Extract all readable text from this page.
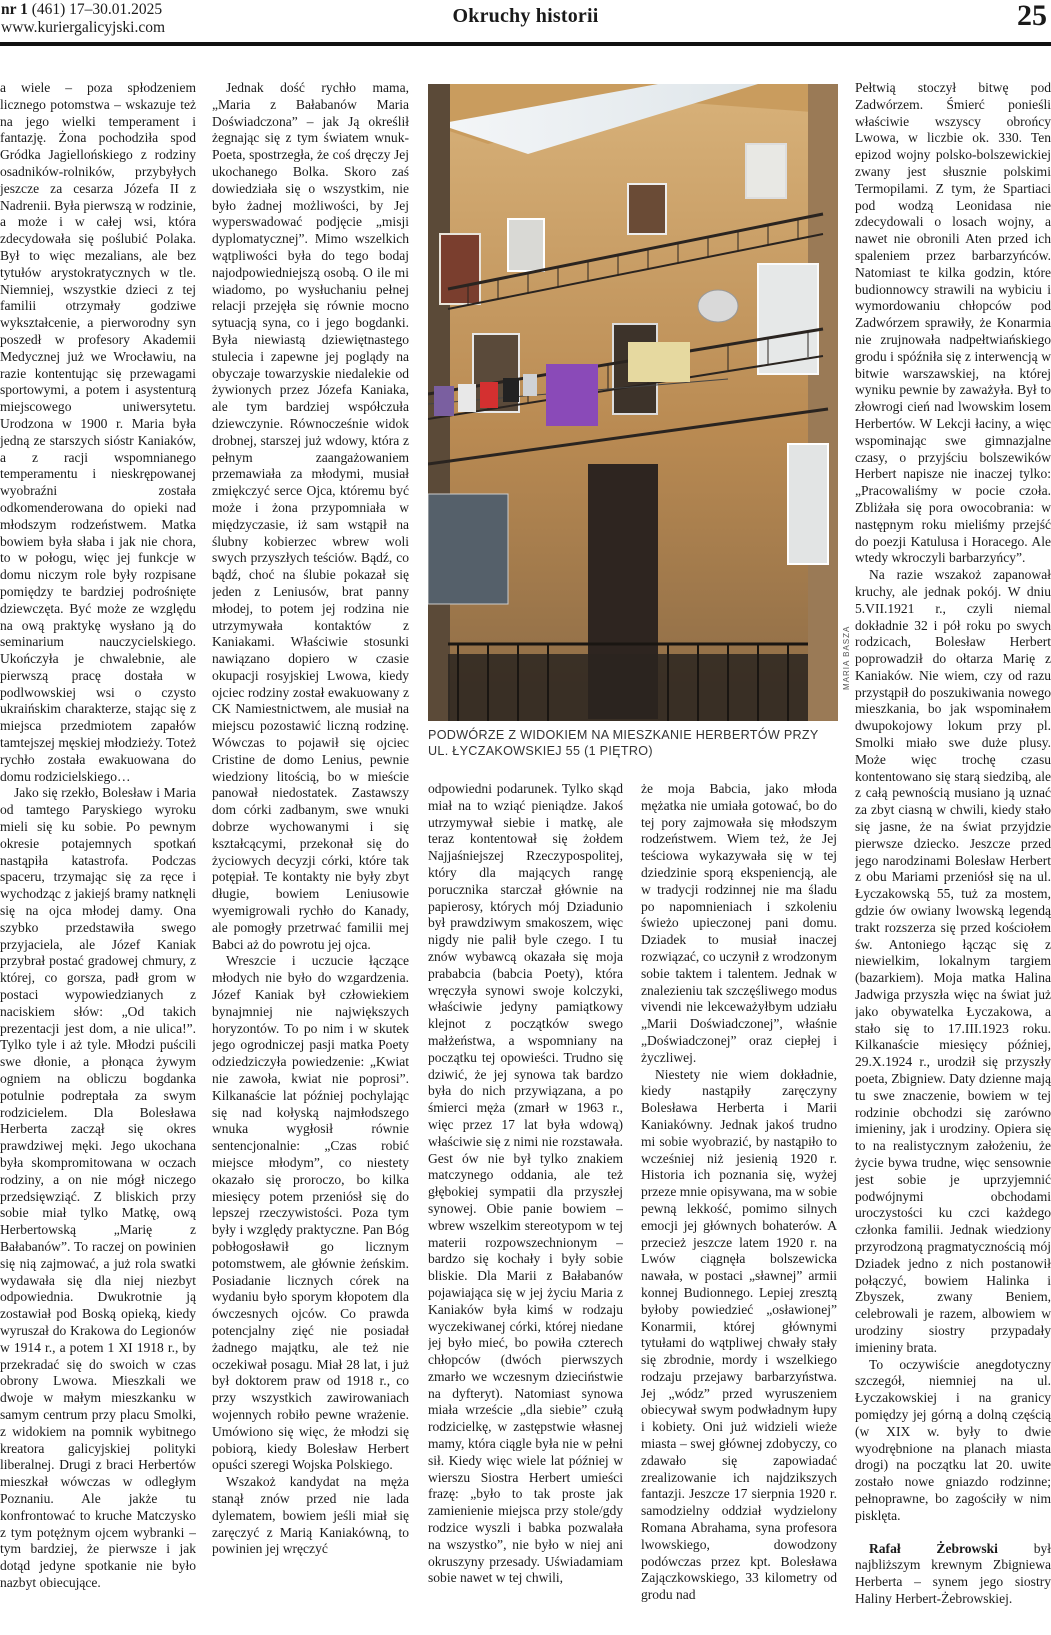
nr 1 (461) 17–30.01.2025
www.kuriergalicyjski.com
Okruchy historii	25

a wiele – poza spłodzeniem licznego potomstwa – wskazuje też na jego wielki temperament i fantazję. Żona pochodziła spod Gródka Jagiellońskiego z rodziny osadników-rolników, przybyłych jeszcze za cesarza Józefa II z Nadrenii. Była pierwszą w rodzinie, a może i w całej wsi, która zdecydowała się poślubić Polaka. Był to więc mezalians, ale bez tytułów arystokratycznych w tle. Niemniej, wszystkie dzieci z tej familii otrzymały godziwe wykształcenie, a pierworodny syn poszedł w profesory Akademii Medycznej już we Wrocławiu, na razie kontentując się przewagami sportowymi, a potem i asystenturą miejscowego uniwersytetu. Urodzona w 1900 r. Maria była jedną ze starszych sióstr Kaniaków, a z racji wspomnianego temperamentu i nieskrępowanej wyobraźni została odkomenderowana do opieki nad młodszym rodzeństwem. Matka bowiem była słaba i jak nie chora, to w połogu, więc jej funkcje w domu niczym role były rozpisane pomiędzy te bardziej podrośnięte dziewczęta. Być może ze względu na ową praktykę wysłano ją do seminarium nauczycielskiego. Ukończyła je chwalebnie, ale pierwszą pracę dostała w podlwowskiej wsi o czysto ukraińskim charakterze, stając się z miejsca przedmiotem zapałów tamtejszej męskiej młodzieży. Toteż rychło została ewakuowana do domu rodzicielskiego…

Jako się rzekło, Bolesław i Maria od tamtego Paryskiego wyroku mieli się ku sobie. Po pewnym okresie potajemnych spotkań nastąpiła katastrofa. Podczas spaceru, trzymając się za ręce i wychodząc z jakiejś bramy natknęli się na ojca młodej damy. Ona szybko przedstawiła swego przyjaciela, ale Józef Kaniak przybrał postać gradowej chmury, z której, co gorsza, padł grom w postaci wypowiedzianych z naciskiem słów: „Od takich prezentacji jest dom, a nie ulica!”. Tylko tyle i aż tyle. Młodzi puścili swe dłonie, a płonąca żywym ogniem na obliczu bogdanka potulnie podreptała za swym rodzicielem. Dla Bolesława Herberta zaczął się okres prawdziwej męki. Jego ukochana była skompromitowana w oczach rodziny, a on nie mógł niczego przedsięwziąć. Z bliskich przy sobie miał tylko Matkę, ową Herbertowską „Marię z Bałabanów”. To raczej on powinien się nią zajmować, a już rola swatki wydawała się dla niej niezbyt odpowiednia. Dwukrotnie ją zostawiał pod Boską opieką, kiedy wyruszał do Krakowa do Legionów w 1914 r., a potem 1 XI 1918 r., by przekradać się do swoich w czas obrony Lwowa. Mieszkali we dwoje w małym mieszkanku w samym centrum przy placu Smolki, z widokiem na pomnik wybitnego kreatora galicyjskiej polityki liberalnej. Drugi z braci Herbertów mieszkał wówczas w odległym Poznaniu. Ale jakże tu konfrontować to kruche Matczysko z tym potężnym ojcem wybranki – tym bardziej, że pierwsze i jak dotąd jedyne spotkanie nie było nazbyt obiecujące.

Jednak dość rychło mama, „Maria z Bałabanów Maria Doświadczona” – jak Ją określił żegnając się z tym światem wnuk-Poeta, spostrzegła, że coś dręczy Jej ukochanego Bolka. Skoro zaś dowiedziała się o wszystkim, nie było żadnej możliwości, by Jej wyperswadować podjęcie „misji dyplomatycznej”. Mimo wszelkich wątpliwości była do tego bodaj najodpowiedniejszą osobą. O ile mi wiadomo, po wysłuchaniu pełnej relacji przejęła się równie mocno sytuacją syna, co i jego bogdanki. Była niewiastą dziewiętnastego stulecia i zapewne jej poglądy na obyczaje towarzyskie niedalekie od żywionych przez Józefa Kaniaka, ale tym bardziej współczuła dziewczynie. Równocześnie widok drobnej, starszej już wdowy, która z pełnym zaangażowaniem przemawiała za młodymi, musiał zmiękczyć serce Ojca, któremu być może i żona przypomniała w międzyczasie, iż sam wstąpił na ślubny kobierzec wbrew woli swych przyszłych teściów. Bądź, co bądź, choć na ślubie pokazał się jeden z Leniusów, brat panny młodej, to potem jej rodzina nie utrzymywała kontaktów z Kaniakami. Właściwie stosunki nawiązano dopiero w czasie okupacji rosyjskiej Lwowa, kiedy ojciec rodziny został ewakuowany z CK Namiestnictwem, ale musiał na miejscu pozostawić liczną rodzinę. Wówczas to pojawił się ojciec Cristine de domo Lenius, pewnie wiedziony litością, bo w mieście panował niedostatek. Zastawszy dom córki zadbanym, swe wnuki dobrze wychowanymi i się kształcącymi, przekonał się do życiowych decyzji córki, które tak potępiał. Te kontakty nie były zbyt długie, bowiem Leniusowie wyemigrowali rychło do Kanady, ale pomogły przetrwać familii mej Babci aż do powrotu jej ojca.

Wreszcie i uczucie łączące młodych nie było do wzgardzenia. Józef Kaniak był człowiekiem bynajmniej nie największych horyzontów. To po nim i w skutek jego ogrodniczej pasji matka Poety odziedziczyła powiedzenie: „Kwiat nie zawoła, kwiat nie poprosi”. Kilkanaście lat później pochylając się nad kołyską najmłodszego wnuka wygłosił równie sentencjonalnie: „Czas robić miejsce młodym”, co niestety okazało się proroczo, bo kilka miesięcy potem przeniósł się do lepszej rzeczywistości. Poza tym były i względy praktyczne. Pan Bóg pobłogosławił go licznym potomstwem, ale głównie żeńskim. Posiadanie licznych córek na wydaniu było sporym kłopotem dla ówczesnych ojców. Co prawda potencjalny zięć nie posiadał żadnego majątku, ale też nie oczekiwał posagu. Miał 28 lat, i już był doktorem praw od 1918 r., co przy wszystkich zawirowaniach wojennych robiło pewne wrażenie. Umówiono się więc, że młodzi się pobiorą, kiedy Bolesław Herbert opuści szeregi Wojska Polskiego.

Wszakoż kandydat na męża stanął znów przed nie lada dylematem, bowiem jeśli miał się zaręczyć z Marią Kaniakówną, to powinien jej wręczyć

MARIA BASZA
PODWÓRZE Z WIDOKIEM NA MIESZKANIE HERBERTÓW PRZY UL. ŁYCZAKOWSKIEJ 55 (1 PIĘTRO)

odpowiedni podarunek. Tylko skąd miał na to wziąć pieniądze. Jakoś utrzymywał siebie i matkę, ale teraz kontentował się żołdem Najjaśniejszej Rzeczypospolitej, który dla mających rangę porucznika starczał głównie na papierosy, których mój Dziadunio był prawdziwym smakoszem, więc nigdy nie palił byle czego. I tu znów wybawcą okazała się moja prababcia (babcia Poety), która wręczyła synowi swoje kolczyki, właściwie jedyny pamiątkowy klejnot z początków swego małżeństwa, a wspomniany na początku tej opowieści. Trudno się dziwić, że jej synowa tak bardzo była do nich przywiązana, a po śmierci męża (zmarł w 1963 r., więc przez 17 lat była wdową) właściwie się z nimi nie rozstawała. Gest ów nie był tylko znakiem matczynego oddania, ale też głębokiej sympatii dla przyszłej synowej. Obie panie bowiem – wbrew wszelkim stereotypom w tej materii rozpowszechnionym – bardzo się kochały i były sobie bliskie. Dla Marii z Bałabanów pojawiająca się w jej życiu Maria z Kaniaków była kimś w rodzaju wyczekiwanej córki, której niedane jej było mieć, bo powiła czterech chłopców (dwóch pierwszych zmarło we wczesnym dzieciństwie na dyfteryt). Natomiast synowa miała wrzeście „dla siebie” czułą rodzicielkę, w zastępstwie własnej mamy, która ciągle była nie w pełni sił. Kiedy więc wiele lat później w wierszu Siostra Herbert umieści frazę: „było to tak proste jak zamienienie miejsca przy stole/gdy rodzice wyszli i babka pozwalała na wszystko”, nie było w niej ani okruszyny przesady. Uświadamiam sobie nawet w tej chwili,

że moja Babcia, jako młoda mężatka nie umiała gotować, bo do tej pory zajmowała się młodszym rodzeństwem. Wiem też, że Jej teściowa wykazywała się w tej dziedzinie sporą ekspeniencją, ale w tradycji rodzinnej nie ma śladu po napomnieniach i szkoleniu świeżo upieczonej pani domu. Dziadek to musiał inaczej rozwiązać, co uczynił z wrodzonym sobie taktem i talentem. Jednak w znalezieniu tak szczęśliwego modus vivendi nie lekceważyłbym udziału „Marii Doświadczonej”, właśnie „Doświadczonej” oraz ciepłej i życzliwej.

Niestety nie wiem dokładnie, kiedy nastąpiły zaręczyny Bolesława Herberta i Marii Kaniakówny. Jednak jakoś trudno mi sobie wyobrazić, by nastąpiło to wcześniej niż jesienią 1920 r. Historia ich poznania się, wyżej przeze mnie opisywana, ma w sobie pewną lekkość, pomimo silnych emocji jej głównych bohaterów. A przecież jeszcze latem 1920 r. na Lwów ciągnęła bolszewicka nawała, w postaci „sławnej” armii konnej Budionnego. Lepiej zresztą byłoby powiedzieć „osławionej” Konarmii, której głównymi tytułami do wątpliwej chwały stały się zbrodnie, mordy i wszelkiego rodzaju przejawy barbarzyństwa. Jej „wódz” przed wyruszeniem obiecywał swym podwładnym łupy i kobiety. Oni już widzieli wieże miasta – swej głównej zdobyczy, co zdawało się zapowiadać zrealizowanie ich najdzikszych fantazji. Jeszcze 17 sierpnia 1920 r. samodzielny oddział wydzielony Romana Abrahama, syna profesora lwowskiego, dowodzony podówczas przez kpt. Bolesława Zajączkowskiego, 33 kilometry od grodu nad

Pełtwią stoczył bitwę pod Zadwórzem. Śmierć ponieśli właściwie wszyscy obrońcy Lwowa, w liczbie ok. 330. Ten epizod wojny polsko-bolszewickiej zwany jest słusznie polskimi Termopilami. Z tym, że Spartiaci pod wodzą Leonidasa nie zdecydowali o losach wojny, a nawet nie obronili Aten przed ich spaleniem przez barbarzyńców. Natomiast te kilka godzin, które budionnowcy strawili na wybiciu i wymordowaniu chłopców pod Zadwórzem sprawiły, że Konarmia nie zrujnowała nadpełtwiańskiego grodu i spóźniła się z interwencją w bitwie warszawskiej, na której wyniku pewnie by zaważyła. Był to złowrogi cień nad lwowskim losem Herbertów. W Lekcji łaciny, a więc wspominając swe gimnazjalne czasy, o przyjściu bolszewików Herbert napisze nie inaczej tylko: „Pracowaliśmy w pocie czoła. Zbliżała się pora owocobrania: w następnym roku mieliśmy przejść do poezji Katulusa i Horacego. Ale wtedy wkroczyli barbarzyńcy”.

Na razie wszakoż zapanował kruchy, ale jednak pokój. W dniu 5.VII.1921 r., czyli niemal dokładnie 32 i pół roku po swych rodzicach, Bolesław Herbert poprowadził do ołtarza Marię z Kaniaków. Nie wiem, czy od razu przystąpił do poszukiwania nowego mieszkania, bo jak wspominałem dwupokojowy lokum przy pl. Smolki miało swe duże plusy. Może więc trochę czasu kontentowano się starą siedzibą, ale z całą pewnością musiano ją uznać za zbyt ciasną w chwili, kiedy stało się jasne, że na świat przyjdzie pierwsze dziecko. Jeszcze przed jego narodzinami Bolesław Herbert z obu Mariami przeniósł się na ul. Łyczakowską 55, tuż za mostem, gdzie ów owiany lwowską legendą trakt rozszerza się przed kościołem św. Antoniego łącząc się z niewielkim, lokalnym targiem (bazarkiem). Moja matka Halina Jadwiga przyszła więc na świat już jako obywatelka Łyczakowa, a stało się to 17.III.1923 roku. Kilkanaście miesięcy później, 29.X.1924 r., urodził się przyszły poeta, Zbigniew. Daty dzienne mają tu swe znaczenie, bowiem w tej rodzinie obchodzi się zarówno imieniny, jak i urodziny. Opiera się to na realistycznym założeniu, że życie bywa trudne, więc sensownie jest sobie je uprzyjemnić podwójnymi obchodami uroczystości ku czci każdego członka familii. Jednak wiedziony przyrodzoną pragmatycznością mój Dziadek jedno z nich postanowił połączyć, bowiem Halinka i Zbyszek, zwany Beniem, celebrowali je razem, albowiem w urodziny siostry przypadały imieniny brata.

To oczywiście anegdotyczny szczegół, niemniej na ul. Łyczakowskiej i na granicy pomiędzy jej górną a dolną częścią (w XIX w. były to dwie wyodrębnione na planach miasta drogi) na początku lat 20. uwite zostało nowe gniazdo rodzinne; pełnoprawne, bo zagościły w nim pisklęta.

Rafał Żebrowski był najbliższym krewnym Zbigniewa Herberta – synem jego siostry Haliny Herbert-Żebrowskiej.
